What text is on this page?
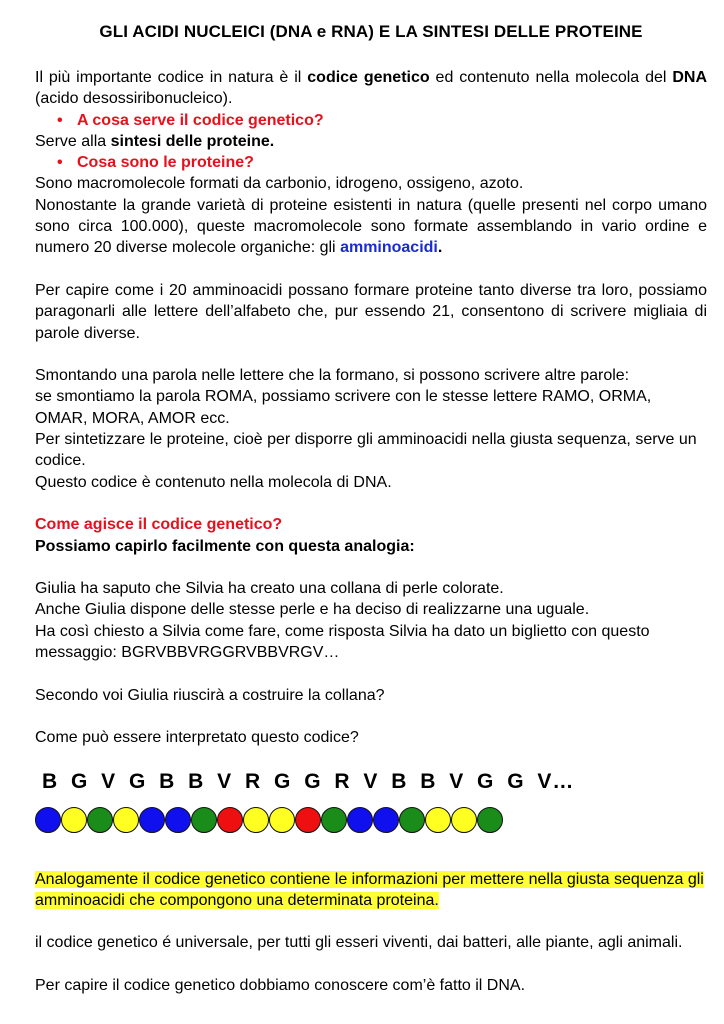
GLI ACIDI NUCLEICI (DNA e RNA) E LA SINTESI DELLE PROTEINE

Il più importante codice in natura è il codice genetico ed contenuto nella molecola del DNA (acido desossiribonucleico).

• A cosa serve il codice genetico?

Serve alla sintesi delle proteine.

• Cosa sono le proteine?

Sono macromolecole formati da carbonio, idrogeno, ossigeno, azoto.

Nonostante la grande varietà di proteine esistenti in natura (quelle presenti nel corpo umano sono circa 100.000), queste macromolecole sono formate assemblando in vario ordine e numero 20 diverse molecole organiche: gli amminoacidi.

Per capire come i 20 amminoacidi possano formare proteine tanto diverse tra loro, possiamo paragonarli alle lettere dell’alfabeto che, pur essendo 21, consentono di scrivere migliaia di parole diverse.

Smontando una parola nelle lettere che la formano, si possono scrivere altre parole:

se smontiamo la parola ROMA, possiamo scrivere con le stesse lettere RAMO, ORMA, OMAR, MORA, AMOR ecc.

Per sintetizzare le proteine, cioè per disporre gli amminoacidi nella giusta sequenza, serve un codice.

Questo codice è contenuto nella molecola di DNA.

Come agisce il codice genetico?

Possiamo capirlo facilmente con questa analogia:

Giulia ha saputo che Silvia ha creato una collana di perle colorate.

Anche Giulia dispone delle stesse perle e ha deciso di realizzarne una uguale.

Ha così chiesto a Silvia come fare, come risposta Silvia ha dato un biglietto con questo messaggio: BGRVBBVRGGRVBBVRGV…

Secondo voi Giulia riuscirà a costruire la collana?

Come può essere interpretato questo codice?

B G V G B B V R G G R V B B V G G V…

Analogamente il codice genetico contiene le informazioni per mettere nella giusta sequenza gli amminoacidi che compongono una determinata proteina.

il codice genetico é universale, per tutti gli esseri viventi, dai batteri, alle piante, agli animali.

Per capire il codice genetico dobbiamo conoscere com’è fatto il DNA.
